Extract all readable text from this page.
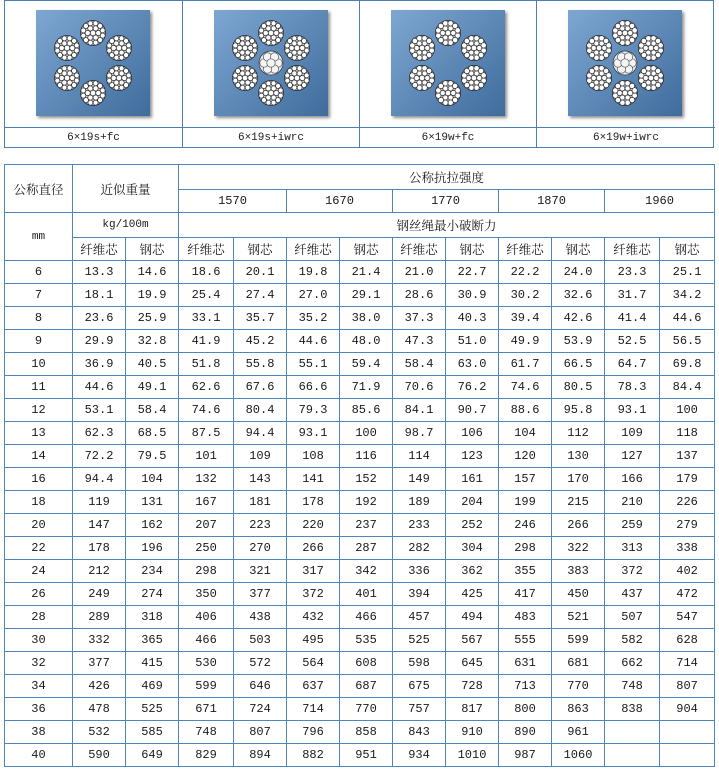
6×19s+fc	6×19s+iwrc	6×19w+fc	6×19w+iwrc
公称直径	近似重量		公称抗拉强度									
			1570		1670		1770		1870		1960	
mm	kg/100m		钢丝绳最小破断力									
	纤维芯	钢芯	纤维芯	钢芯	纤维芯	钢芯	纤维芯	钢芯	纤维芯	钢芯	纤维芯	钢芯
6	13.3	14.6	18.6	20.1	19.8	21.4	21.0	22.7	22.2	24.0	23.3	25.1
7	18.1	19.9	25.4	27.4	27.0	29.1	28.6	30.9	30.2	32.6	31.7	34.2
8	23.6	25.9	33.1	35.7	35.2	38.0	37.3	40.3	39.4	42.6	41.4	44.6
9	29.9	32.8	41.9	45.2	44.6	48.0	47.3	51.0	49.9	53.9	52.5	56.5
10	36.9	40.5	51.8	55.8	55.1	59.4	58.4	63.0	61.7	66.5	64.7	69.8
11	44.6	49.1	62.6	67.6	66.6	71.9	70.6	76.2	74.6	80.5	78.3	84.4
12	53.1	58.4	74.6	80.4	79.3	85.6	84.1	90.7	88.6	95.8	93.1	100
13	62.3	68.5	87.5	94.4	93.1	100	98.7	106	104	112	109	118
14	72.2	79.5	101	109	108	116	114	123	120	130	127	137
16	94.4	104	132	143	141	152	149	161	157	170	166	179
18	119	131	167	181	178	192	189	204	199	215	210	226
20	147	162	207	223	220	237	233	252	246	266	259	279
22	178	196	250	270	266	287	282	304	298	322	313	338
24	212	234	298	321	317	342	336	362	355	383	372	402
26	249	274	350	377	372	401	394	425	417	450	437	472
28	289	318	406	438	432	466	457	494	483	521	507	547
30	332	365	466	503	495	535	525	567	555	599	582	628
32	377	415	530	572	564	608	598	645	631	681	662	714
34	426	469	599	646	637	687	675	728	713	770	748	807
36	478	525	671	724	714	770	757	817	800	863	838	904
38	532	585	748	807	796	858	843	910	890	961		
40	590	649	829	894	882	951	934	1010	987	1060		
